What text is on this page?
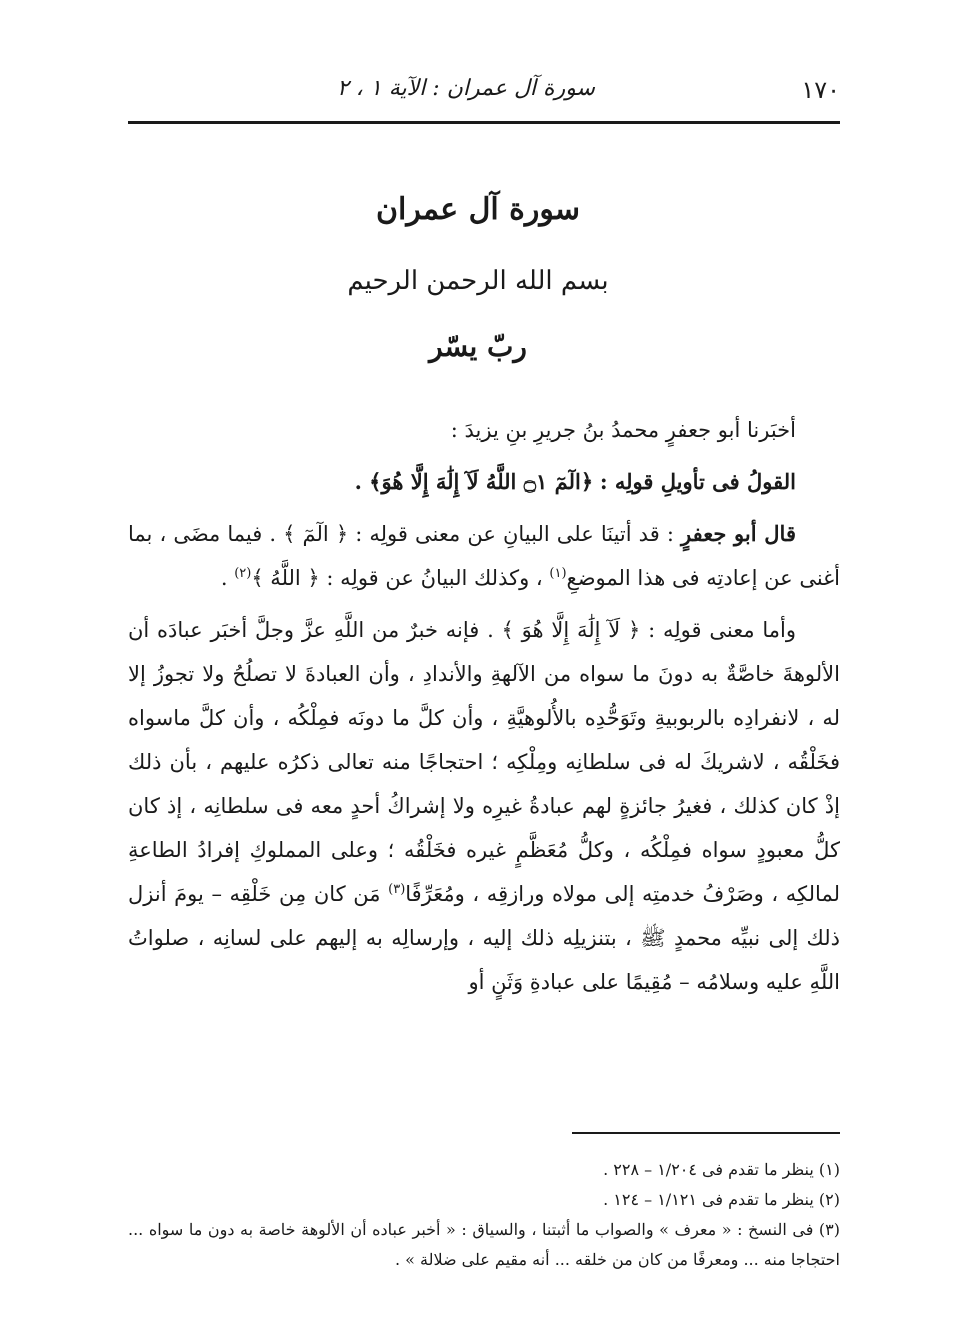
١٧٠
سورة آل عمران : الآية ١ ، ٢
سورة آل عمران
بسم الله الرحمن الرحيم
ربّ يسّر

أخبَرنا أبو جعفرٍ محمدُ بنُ جريرِ بنِ يزيدَ :

القولُ فى تأويلِ قولِه : ﴿الٓمٓ ۝١ اللَّهُ لَآ إِلَٰهَ إِلَّا هُوَ﴾ .

قال أبو جعفرٍ : قد أتينَا على البيانِ عن معنى قولِه : ﴿ الٓمٓ ﴾ . فيما مضَى ، بما أغنى عن إعادتِه فى هذا الموضعِ$^{(١)}$ ، وكذلك البيانُ عن قولِه : ﴿ اللَّهُ ﴾$^{(٢)}$ .

وأما معنى قولِه : ﴿ لَآ إِلَٰهَ إِلَّا هُوَ ﴾ . فإنه خبرٌ من اللَّهِ عزَّ وجلَّ أخبَر عبادَه أن الألوهةَ خاصَّةٌ به دونَ ما سواه من الآلهةِ والأندادِ ، وأن العبادةَ لا تصلُحُ ولا تجوزُ إلا له ، لانفرادِه بالربوبيةِ وتَوَحُّدِه بالأُلوهيَّةِ ، وأن كلَّ ما دونَه فمِلْكُه ، وأن كلَّ ماسواه فخَلْقُه ، لاشريكَ له فى سلطانِه ومِلْكِه ؛ احتجاجًا منه تعالى ذكرُه عليهم ، بأن ذلك إذْ كان كذلك ، فغيرُ جائزةٍ لهم عبادةُ غيرِه ولا إشراكُ أحدٍ معه فى سلطانِه ، إذ كان كلُّ معبودٍ سواه فمِلْكُه ، وكلُّ مُعَظَّمٍ غيره فخَلْقُه ؛ وعلى المملوكِ إفرادُ الطاعةِ لمالكِه ، وصَرْفُ خدمتِه إلى مولاه ورازقِه ، ومُعَرِّفًا$^{(٣)}$ مَن كان مِن خَلْقِه – يومَ أنزل ذلك إلى نبيِّه محمدٍ ﷺ ، بتنزيلِه ذلك إليه ، وإرسالِه به إليهم على لسانِه ، صلواتُ اللَّهِ عليه وسلامُه – مُقِيمًا على عبادةِ وَثَنٍ أو

(١) ينظر ما تقدم فى ١/٢٠٤ – ٢٢٨ .

(٢) ينظر ما تقدم فى ١/١٢١ – ١٢٤ .

(٣) فى النسخ : « معرف » والصواب ما أثبتنا ، والسياق : « أخبر عباده أن الألوهة خاصة به دون ما سواه ... احتجاجا منه ... ومعرفًا من كان من خلقه ... أنه مقيم على ضلالة » .
